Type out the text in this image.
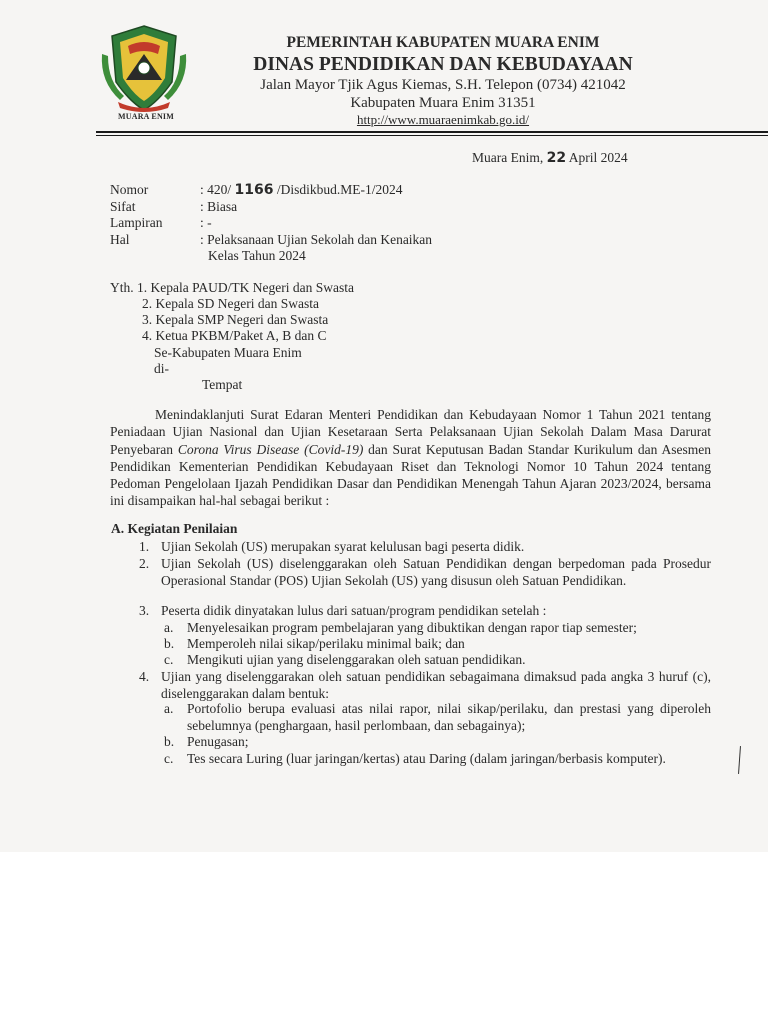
MUARA ENIM
PEMERINTAH KABUPATEN MUARA ENIM
DINAS PENDIDIKAN DAN KEBUDAYAAN
Jalan Mayor Tjik Agus Kiemas, S.H. Telepon (0734) 421042
Kabupaten Muara Enim 31351
http://www.muaraenimkab.go.id/
Muara Enim, 22 April 2024
Nomor	: 420/ 1166 /Disdikbud.ME-1/2024
Sifat	: Biasa
Lampiran	: -
Hal	: Pelaksanaan Ujian Sekolah dan Kenaikan
Kelas Tahun 2024
Yth. 1. Kepala PAUD/TK Negeri dan Swasta
2. Kepala SD Negeri dan Swasta
3. Kepala SMP Negeri dan Swasta
4. Ketua PKBM/Paket A, B dan C
Se-Kabupaten Muara Enim
di-
Tempat

Menindaklanjuti Surat Edaran Menteri Pendidikan dan Kebudayaan Nomor 1 Tahun 2021 tentang Peniadaan Ujian Nasional dan Ujian Kesetaraan Serta Pelaksanaan Ujian Sekolah Dalam Masa Darurat Penyebaran Corona Virus Disease (Covid-19) dan Surat Keputusan Badan Standar Kurikulum dan Asesmen Pendidikan Kementerian Pendidikan Kebudayaan Riset dan Teknologi Nomor 10 Tahun 2024 tentang Pedoman Pengelolaan Ijazah Pendidikan Dasar dan Pendidikan Menengah Tahun Ajaran 2023/2024, bersama ini disampaikan hal-hal sebagai berikut :

A. Kegiatan Penilaian
1. Ujian Sekolah (US) merupakan syarat kelulusan bagi peserta didik.
2. Ujian Sekolah (US) diselenggarakan oleh Satuan Pendidikan dengan berpedoman pada Prosedur Operasional Standar (POS) Ujian Sekolah (US) yang disusun oleh Satuan Pendidikan.
3. Peserta didik dinyatakan lulus dari satuan/program pendidikan setelah :
a. Menyelesaikan program pembelajaran yang dibuktikan dengan rapor tiap semester;
b. Memperoleh nilai sikap/perilaku minimal baik; dan
c. Mengikuti ujian yang diselenggarakan oleh satuan pendidikan.
4. Ujian yang diselenggarakan oleh satuan pendidikan sebagaimana dimaksud pada angka 3 huruf (c), diselenggarakan dalam bentuk:
a. Portofolio berupa evaluasi atas nilai rapor, nilai sikap/perilaku, dan prestasi yang diperoleh sebelumnya (penghargaan, hasil perlombaan, dan sebagainya);
b. Penugasan;
c. Tes secara Luring (luar jaringan/kertas) atau Daring (dalam jaringan/berbasis komputer).
